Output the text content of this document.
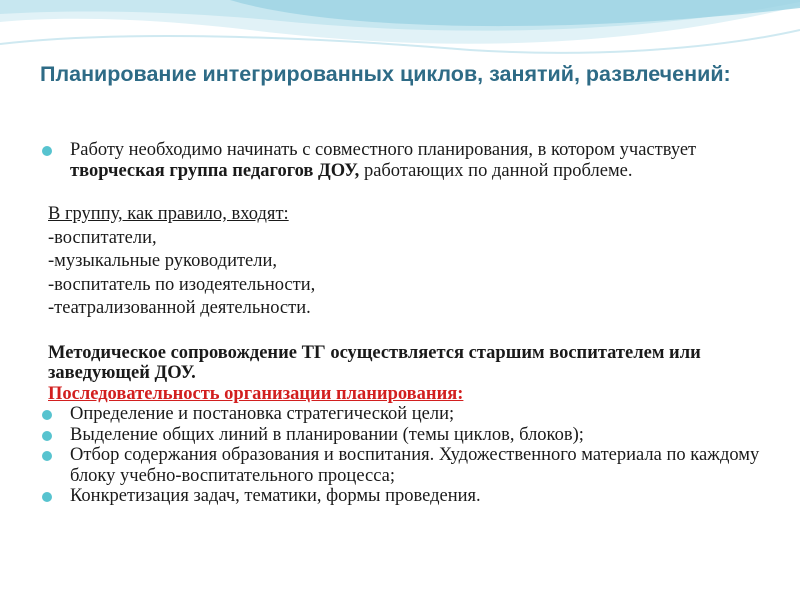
Планирование интегрированных циклов, занятий, развлечений:
Работу необходимо начинать с совместного планирования, в котором участвует творческая группа педагогов ДОУ, работающих по данной проблеме.
В группу, как правило, входят:
-воспитатели,
-музыкальные руководители,
-воспитатель по изодеятельности,
-театрализованной деятельности.
Методическое сопровождение ТГ осуществляется старшим воспитателем или заведующей ДОУ.
Последовательность организации планирования:
Определение и постановка стратегической цели;
Выделение общих линий в планировании (темы циклов, блоков);
Отбор содержания образования и воспитания. Художественного материала по каждому блоку учебно-воспитательного процесса;
Конкретизация задач, тематики, формы проведения.
